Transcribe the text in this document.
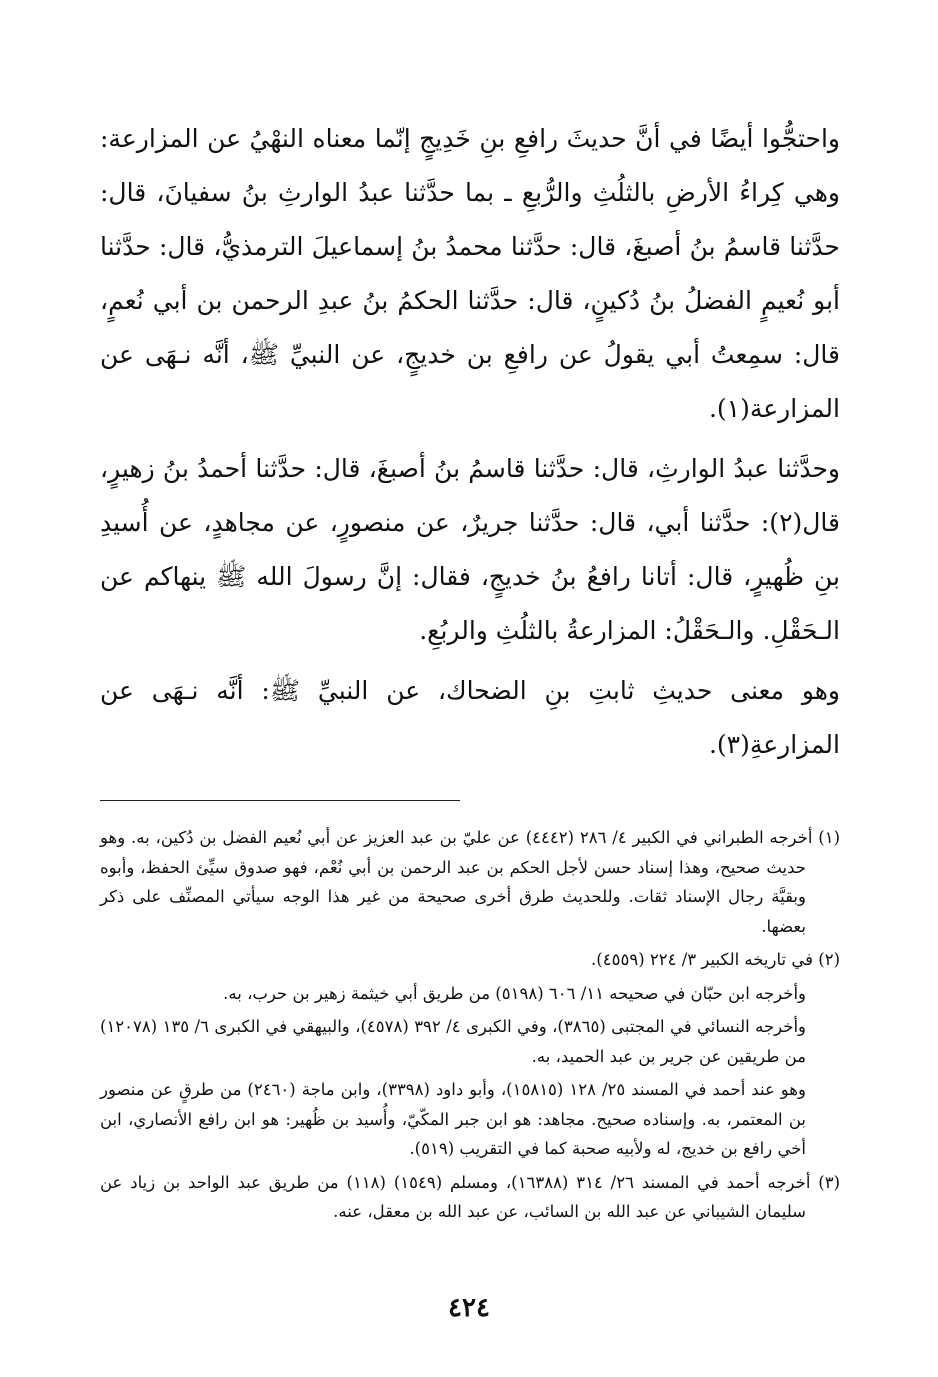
واحتجُّوا أيضًا في أنَّ حديثَ رافعِ بنِ خَدِيجٍ إنّما معناه النهْيُ عن المزارعة: وهي كِراءُ الأرضِ بالثلُثِ والرُّبعِ ـ بما حدَّثنا عبدُ الوارثِ بنُ سفيانَ، قال: حدَّثنا قاسمُ بنُ أصبغَ، قال: حدَّثنا محمدُ بنُ إسماعيلَ الترمذيُّ، قال: حدَّثنا أبو نُعيمٍ الفضلُ بنُ دُكينٍ، قال: حدَّثنا الحكمُ بنُ عبدِ الرحمن بن أبي نُعمٍ، قال: سمِعتُ أبي يقولُ عن رافعِ بن خديجٍ، عن النبيِّ ﷺ، أنَّه نـهَى عن المزارعة(١).

وحدَّثنا عبدُ الوارثِ، قال: حدَّثنا قاسمُ بنُ أصبغَ، قال: حدَّثنا أحمدُ بنُ زهيرٍ، قال(٢): حدَّثنا أبي، قال: حدَّثنا جريرٌ، عن منصورٍ، عن مجاهدٍ، عن أُسيدِ بنِ ظُهيرٍ، قال: أتانا رافعُ بنُ خديجٍ، فقال: إنَّ رسولَ الله ﷺ ينهاكم عن الـحَقْلِ. والـحَقْلُ: المزارعةُ بالثلُثِ والربُعِ.

وهو معنى حديثِ ثابتِ بنِ الضحاك، عن النبيِّ ﷺ: أنَّه نـهَى عن المزارعةِ(٣).

(١) أخرجه الطبراني في الكبير ٤/ ٢٨٦ (٤٤٤٢) عن عليّ بن عبد العزيز عن أبي نُعيم الفضل بن دُكين، به. وهو حديث صحيح، وهذا إسناد حسن لأجل الحكم بن عبد الرحمن بن أبي نُعْم، فهو صدوق سيِّئ الحفظ، وأبوه وبقيَّة رجال الإسناد ثقات. وللحديث طرق أخرى صحيحة من غير هذا الوجه سيأتي المصنِّف على ذكر بعضها.

(٢) في تاريخه الكبير ٣/ ٢٢٤ (٤٥٥٩).

وأخرجه ابن حبّان في صحيحه ١١/ ٦٠٦ (٥١٩٨) من طريق أبي خيثمة زهير بن حرب، به.

وأخرجه النسائي في المجتبى (٣٨٦٥)، وفي الكبرى ٤/ ٣٩٢ (٤٥٧٨)، والبيهقي في الكبرى ٦/ ١٣٥ (١٢٠٧٨) من طريقين عن جرير بن عبد الحميد، به.

وهو عند أحمد في المسند ٢٥/ ١٢٨ (١٥٨١٥)، وأبو داود (٣٣٩٨)، وابن ماجة (٢٤٦٠) من طرقٍ عن منصور بن المعتمر، به. وإسناده صحيح. مجاهد: هو ابن جبر المكّيّ، وأُسيد بن ظُهير: هو ابن رافع الأنصاري، ابن أخي رافع بن خديج، له ولأبيه صحبة كما في التقريب (٥١٩).

(٣) أخرجه أحمد في المسند ٢٦/ ٣١٤ (١٦٣٨٨)، ومسلم (١٥٤٩) (١١٨) من طريق عبد الواحد بن زياد عن سليمان الشيباني عن عبد الله بن السائب، عن عبد الله بن معقل، عنه.

٤٢٤
